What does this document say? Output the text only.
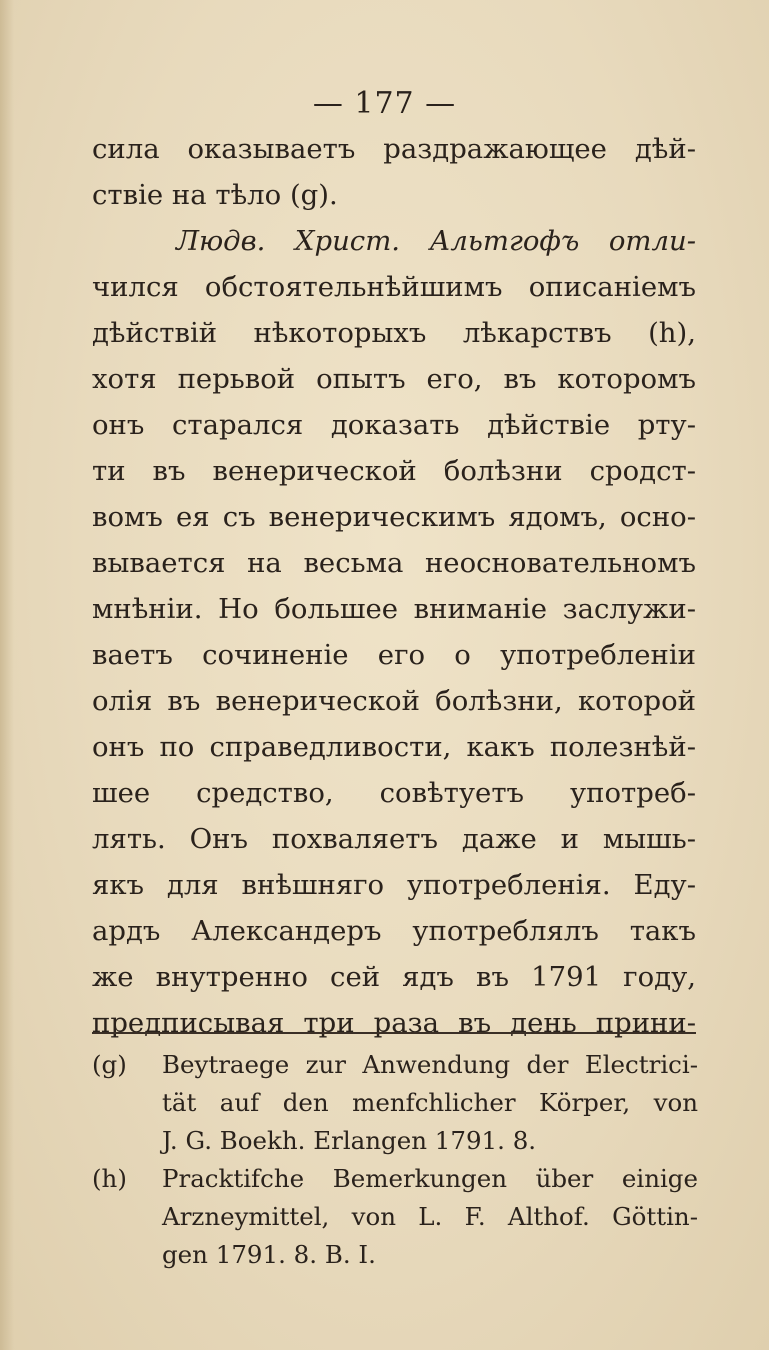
— 177 —
сила оказываетъ раздражающее дѣй-
ствіе на тѣло (g).
Людв. Христ. Альтгофъ отли-
чился обстоятельнѣйшимъ описаніемъ
дѣйствій нѣкоторыхъ лѣкарствъ (h),
хотя перьвой опытъ его, въ которомъ
онъ старался доказать дѣйствіе рту-
ти въ венерической болѣзни сродст-
вомъ ея съ венерическимъ ядомъ, осно-
вывается на весьма неосновательномъ
мнѣніи. Но большее вниманіе заслужи-
ваетъ сочиненіе его о употребленіи
олія въ венерической болѣзни, которой
онъ по справедливости, какъ полезнѣй-
шее средство, совѣтуетъ употреб-
лять. Онъ похваляетъ даже и мышь-
якъ для внѣшняго употребленія. Еду-
ардъ Александеръ употреблялъ такъ
же внутренно сей ядъ въ 1791 году,
предписывая три раза въ день прини-
(g) Beytraege zur Anwendung der Electrici-
tät auf den menfchlicher Körper, von
J. G. Boekh. Erlangen 1791. 8.
(h) Pracktifche Bemerkungen über einige
Arzneymittel, von L. F. Althof. Göttin-
gen 1791. 8. B. I.
